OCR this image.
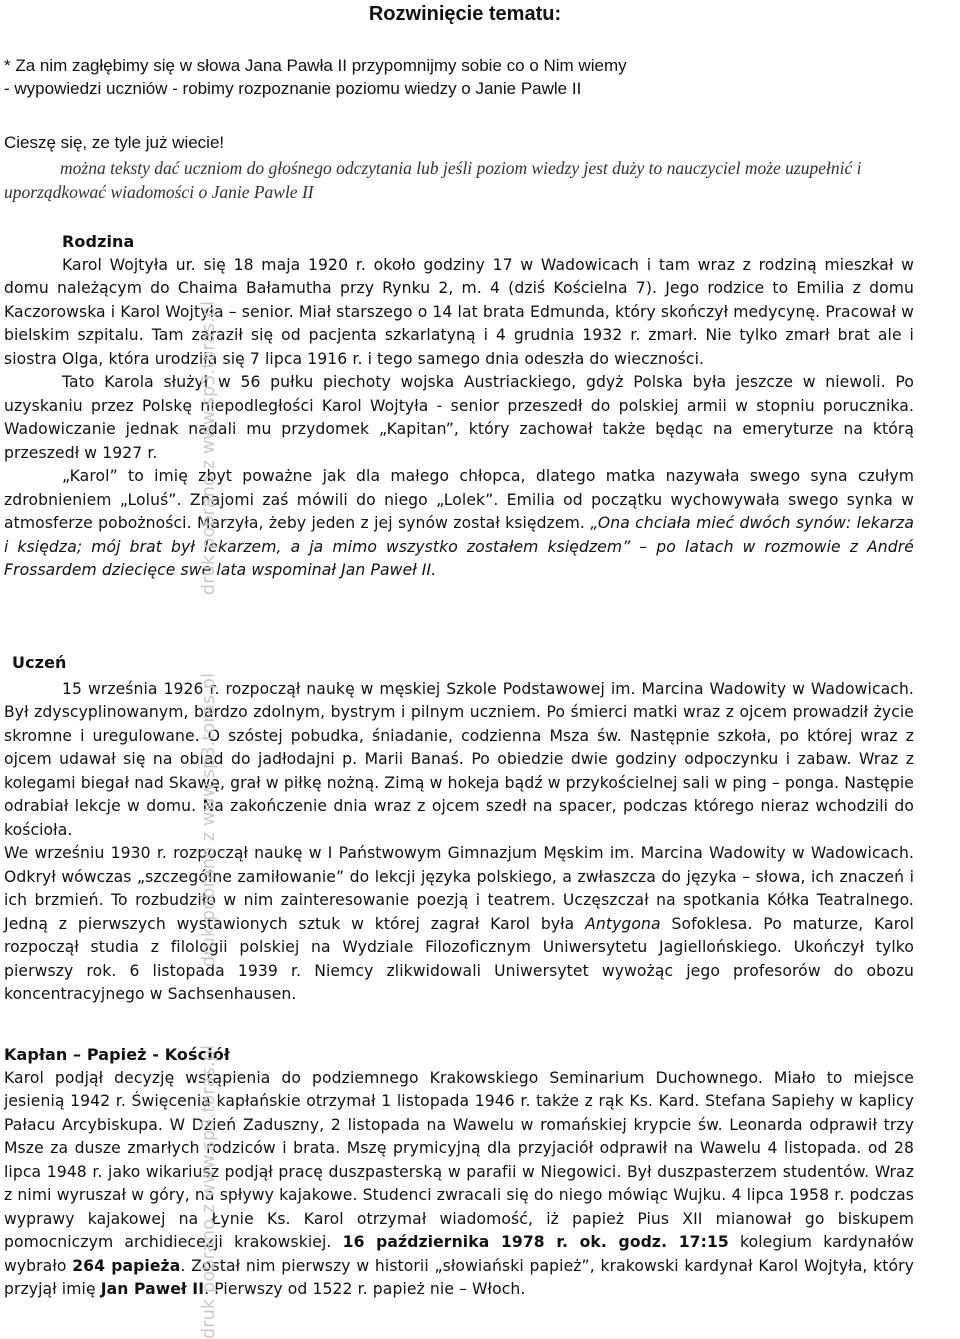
Rozwinięcie tematu:
* Za nim zagłębimy się w słowa Jana Pawła II przypomnijmy sobie co o Nim wiemy
- wypowiedzi uczniów - robimy rozpoznanie poziomu wiedzy o Janie Pawle II
Cieszę się, ze tyle już wiecie!
można teksty dać uczniom do głośnego odczytania lub jeśli poziom wiedzy jest duży to nauczyciel może uzupełnić i uporządkować wiadomości o Janie Pawle II

Rodzina

Karol Wojtyła ur. się 18 maja 1920 r. około godziny 17 w Wadowicach i tam wraz z rodziną mieszkał w domu należącym do Chaima Bałamutha przy Rynku 2, m. 4 (dziś Kościelna 7). Jego rodzice to Emilia z domu Kaczorowska i Karol Wojtyła – senior. Miał starszego o 14 lat brata Edmunda, który skończył medycynę. Pracował w bielskim szpitalu. Tam zaraził się od pacjenta szkarlatyną i 4 grudnia 1932 r. zmarł. Nie tylko zmarł brat ale i siostra Olga, która urodziła się 7 lipca 1916 r. i tego samego dnia odeszła do wieczności.

Tato Karola służył w 56 pułku piechoty wojska Austriackiego, gdyż Polska była jeszcze w niewoli. Po uzyskaniu przez Polskę niepodległości Karol Wojtyła - senior przeszedł do polskiej armii w stopniu porucznika. Wadowiczanie jednak nadali mu przydomek „Kapitan”, który zachował także będąc na emeryturze na którą przeszedł w 1927 r.

„Karol” to imię zbyt poważne jak dla małego chłopca, dlatego matka nazywała swego syna czułym zdrobnieniem „Loluś”. Znajomi zaś mówili do niego „Lolek”. Emilia od początku wychowywała swego synka w atmosferze pobożności. Marzyła, żeby jeden z jej synów został księdzem. „Ona chciała mieć dwóch synów: lekarza i księdza; mój brat był lekarzem, a ja mimo wszystko zostałem księdzem” – po latach w rozmowie z André Frossardem dziecięce swe lata wspominał Jan Paweł II.

Uczeń

15 września 1926 r. rozpoczął naukę w męskiej Szkole Podstawowej im. Marcina Wadowity w Wadowicach. Był zdyscyplinowanym, bardzo zdolnym, bystrym i pilnym uczniem. Po śmierci matki wraz z ojcem prowadził życie skromne i uregulowane. O szóstej pobudka, śniadanie, codzienna Msza św. Następnie szkoła, po której wraz z ojcem udawał się na obiad do jadłodajni p. Marii Banaś. Po obiedzie dwie godziny odpoczynku i zabaw. Wraz z kolegami biegał nad Skawę, grał w piłkę nożną. Zimą w hokeja bądź w przykościelnej sali w ping – ponga. Następie odrabiał lekcje w domu. Na zakończenie dnia wraz z ojcem szedł na spacer, podczas którego nieraz wchodzili do kościoła.

We wrześniu 1930 r. rozpoczął naukę w I Państwowym Gimnazjum Męskim im. Marcina Wadowity w Wadowicach. Odkrył wówczas „szczególne zamiłowanie” do lekcji języka polskiego, a zwłaszcza do języka – słowa, ich znaczeń i ich brzmień. To rozbudziło w nim zainteresowanie poezją i teatrem. Uczęszczał na spotkania Kółka Teatralnego. Jedną z pierwszych wystawionych sztuk w której zagrał Karol była Antygona Sofoklesa. Po maturze, Karol rozpoczął studia z filologii polskiej na Wydziale Filozoficznym Uniwersytetu Jagiellońskiego. Ukończył tylko pierwszy rok. 6 listopada 1939 r. Niemcy zlikwidowali Uniwersytet wywożąc jego profesorów do obozu koncentracyjnego w Sachsenhausen.

Kapłan – Papież - Kościół

Karol podjął decyzję wstąpienia do podziemnego Krakowskiego Seminarium Duchownego. Miało to miejsce jesienią 1942 r. Święcenia kapłańskie otrzymał 1 listopada 1946 r. także z rąk Ks. Kard. Stefana Sapiehy w kaplicy Pałacu Arcybiskupa. W Dzień Zaduszny, 2 listopada na Wawelu w romańskiej krypcie św. Leonarda odprawił trzy Msze za dusze zmarłych rodziców i brata. Mszę prymicyjną dla przyjaciół odprawił na Wawelu 4 listopada. od 28 lipca 1948 r. jako wikariusz podjął pracę duszpasterską w parafii w Niegowici. Był duszpasterzem studentów. Wraz z nimi wyruszał w góry, na spływy kajakowe. Studenci zwracali się do niego mówiąc Wujku. 4 lipca 1958 r. podczas wyprawy kajakowej na Łynie Ks. Karol otrzymał wiadomość, iż papież Pius XII mianował go biskupem pomocniczym archidiecezji krakowskiej. 16 października 1978 r. ok. godz. 17:15 kolegium kardynałów wybrało 264 papieża. Został nim pierwszy w historii „słowiański papież”, krakowski kardynał Karol Wojtyła, który przyjął imię Jan Paweł II. Pierwszy od 1522 r. papież nie – Włoch.

druk pobrano z www.sp3.toras.pl druk pobrano z www.sp3.toras.pl druk pobrano z www.sp3.toras.pl
